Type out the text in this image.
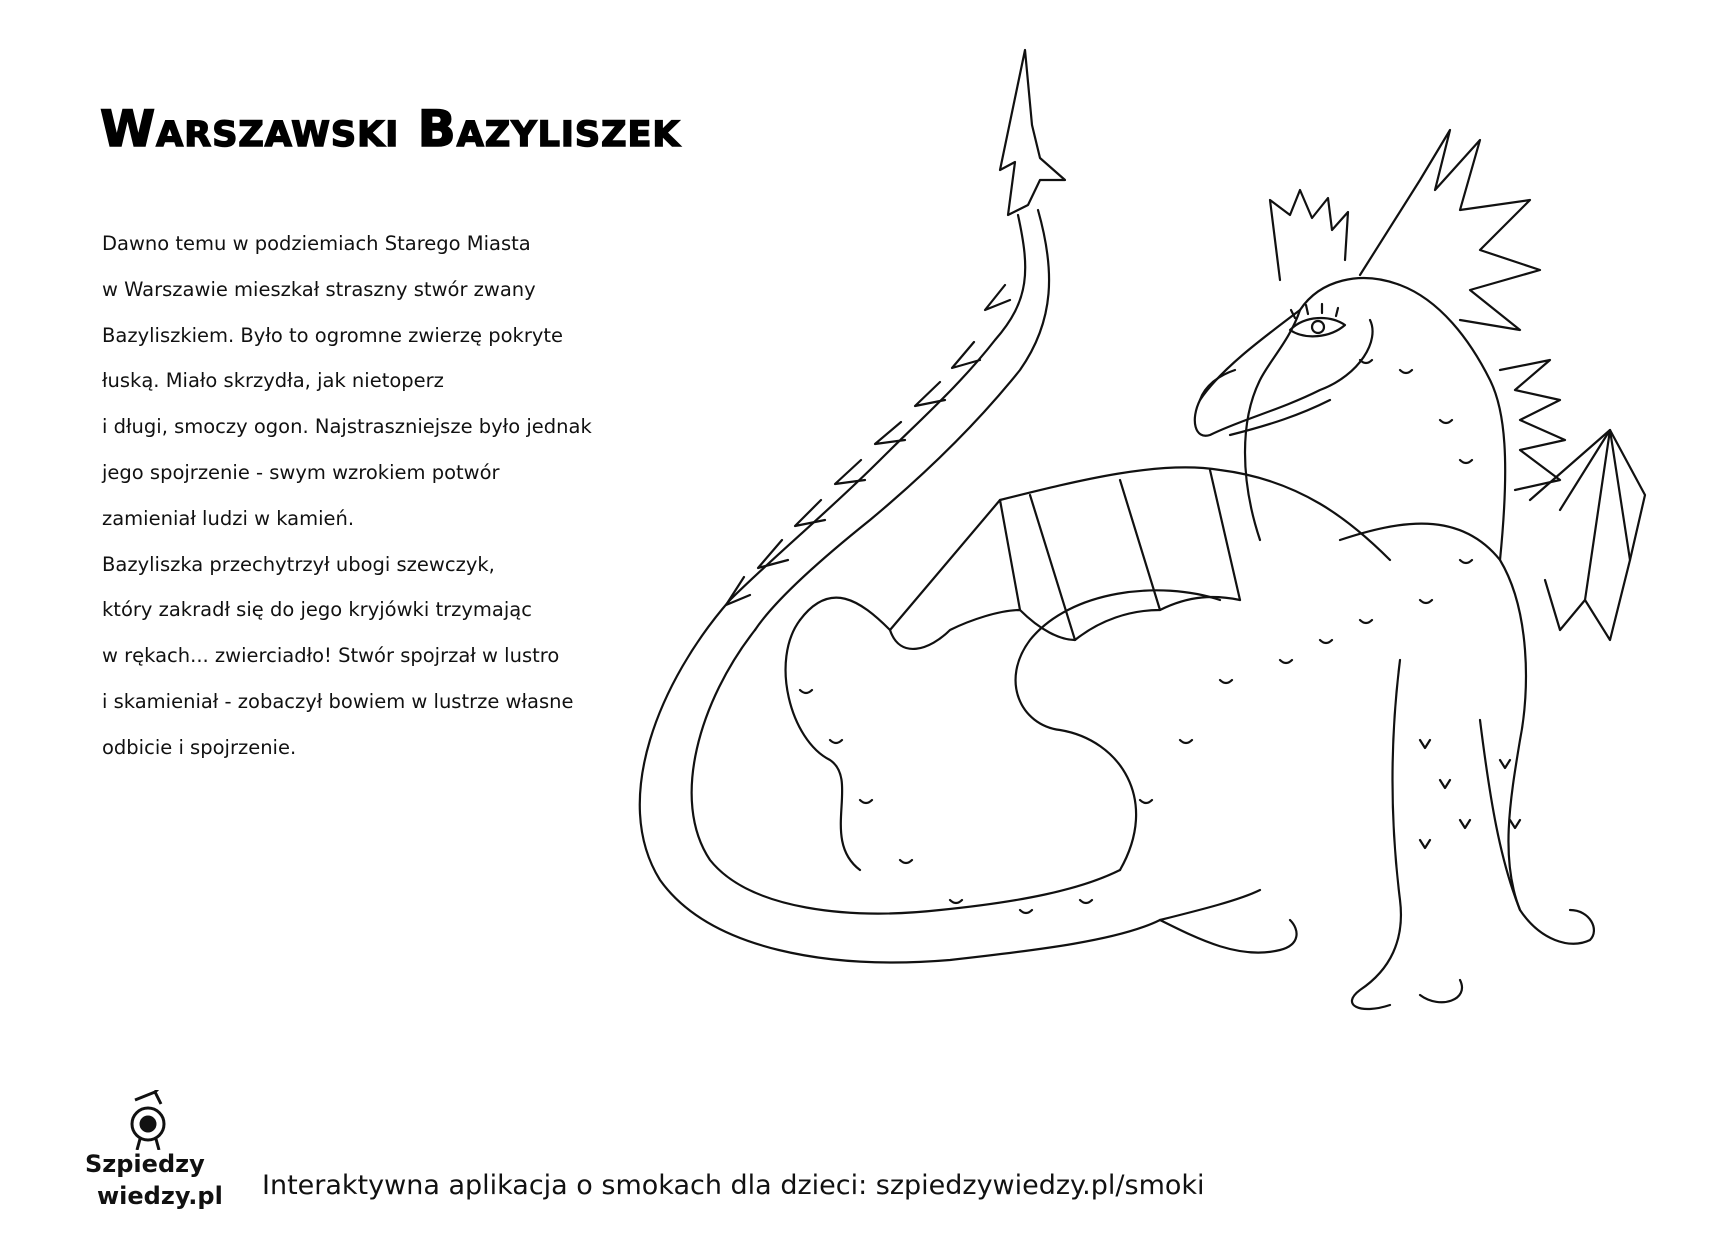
Warszawski Bazyliszek

Dawno temu w podziemiach Starego Miasta

w Warszawie mieszkał straszny stwór zwany

Bazyliszkiem. Było to ogromne zwierzę pokryte

łuską. Miało skrzydła, jak nietoperz

i długi, smoczy ogon. Najstraszniejsze było jednak

jego spojrzenie - swym wzrokiem potwór

zamieniał ludzi w kamień.

Bazyliszka przechytrzył ubogi szewczyk,

który zakradł się do jego kryjówki trzymając

w rękach... zwierciadło! Stwór spojrzał w lustro

i skamieniał - zobaczył bowiem w lustrze własne

odbicie i spojrzenie.

Szpiedzy
wiedzy.pl Interaktywna aplikacja o smokach dla dzieci: szpiedzywiedzy.pl/smoki
